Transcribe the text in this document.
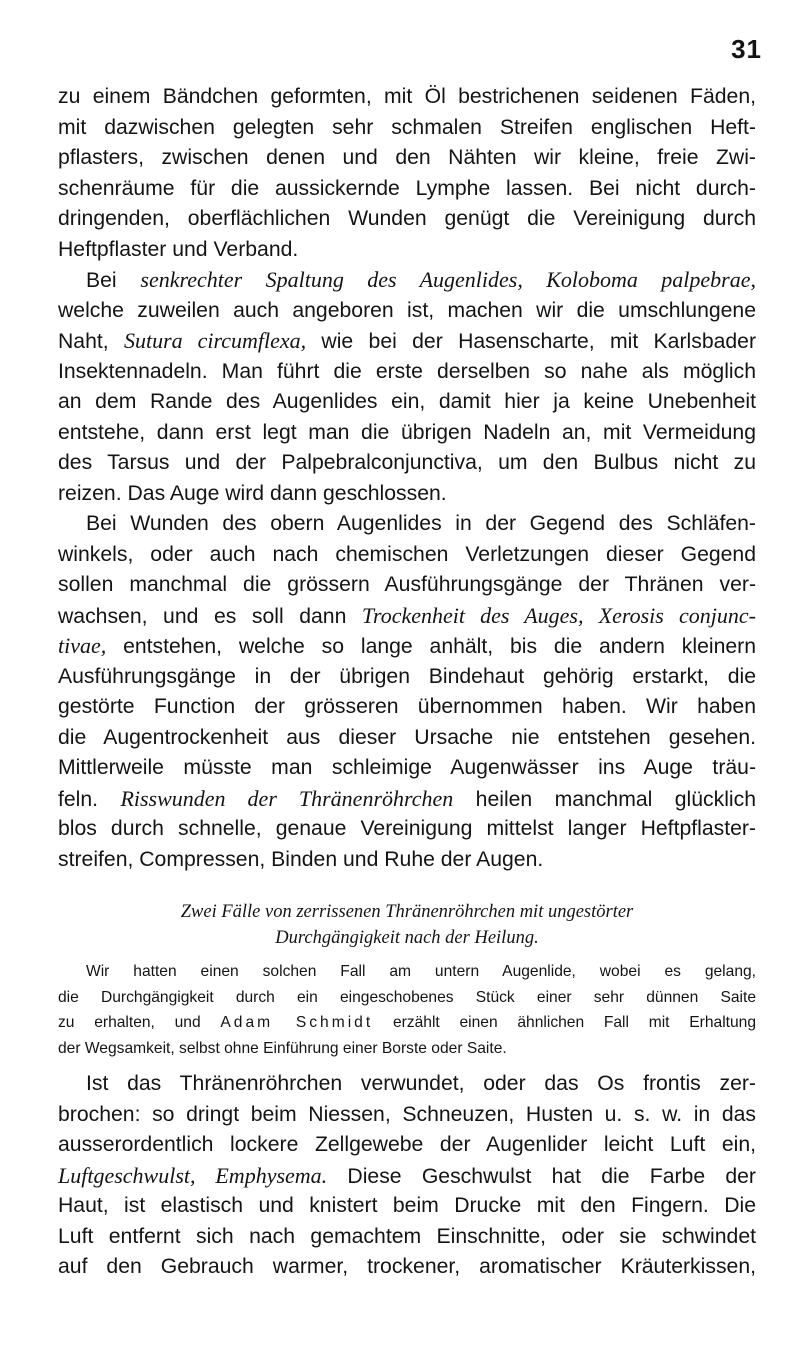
31
zu einem Bändchen geformten, mit Öl bestrichenen seidenen Fäden,
mit dazwischen gelegten sehr schmalen Streifen englischen Heft-
pflasters, zwischen denen und den Nähten wir kleine, freie Zwi-
schenräume für die aussickernde Lymphe lassen. Bei nicht durch-
dringenden, oberflächlichen Wunden genügt die Vereinigung durch
Heftpflaster und Verband.
Bei senkrechter Spaltung des Augenlides, Koloboma palpebrae,
welche zuweilen auch angeboren ist, machen wir die umschlungene
Naht, Sutura circumflexa, wie bei der Hasenscharte, mit Karlsbader
Insektennadeln. Man führt die erste derselben so nahe als möglich
an dem Rande des Augenlides ein, damit hier ja keine Unebenheit
entstehe, dann erst legt man die übrigen Nadeln an, mit Vermeidung
des Tarsus und der Palpebralconjunctiva, um den Bulbus nicht zu
reizen. Das Auge wird dann geschlossen.
Bei Wunden des obern Augenlides in der Gegend des Schläfen-
winkels, oder auch nach chemischen Verletzungen dieser Gegend
sollen manchmal die grössern Ausführungsgänge der Thränen ver-
wachsen, und es soll dann Trockenheit des Auges, Xerosis conjunc-
tivae, entstehen, welche so lange anhält, bis die andern kleinern
Ausführungsgänge in der übrigen Bindehaut gehörig erstarkt, die
gestörte Function der grösseren übernommen haben. Wir haben
die Augentrockenheit aus dieser Ursache nie entstehen gesehen.
Mittlerweile müsste man schleimige Augenwässer ins Auge träu-
feln. Risswunden der Thränenröhrchen heilen manchmal glücklich
blos durch schnelle, genaue Vereinigung mittelst langer Heftpflaster-
streifen, Compressen, Binden und Ruhe der Augen.
Zwei Fälle von zerrissenen Thränenröhrchen mit ungestörter
Durchgängigkeit nach der Heilung.
Wir hatten einen solchen Fall am untern Augenlide, wobei es gelang,
die Durchgängigkeit durch ein eingeschobenes Stück einer sehr dünnen Saite
zu erhalten, und Adam Schmidt erzählt einen ähnlichen Fall mit Erhaltung
der Wegsamkeit, selbst ohne Einführung einer Borste oder Saite.
Ist das Thränenröhrchen verwundet, oder das Os frontis zer-
brochen: so dringt beim Niessen, Schneuzen, Husten u. s. w. in das
ausserordentlich lockere Zellgewebe der Augenlider leicht Luft ein,
Luftgeschwulst, Emphysema. Diese Geschwulst hat die Farbe der
Haut, ist elastisch und knistert beim Drucke mit den Fingern. Die
Luft entfernt sich nach gemachtem Einschnitte, oder sie schwindet
auf den Gebrauch warmer, trockener, aromatischer Kräuterkissen,
